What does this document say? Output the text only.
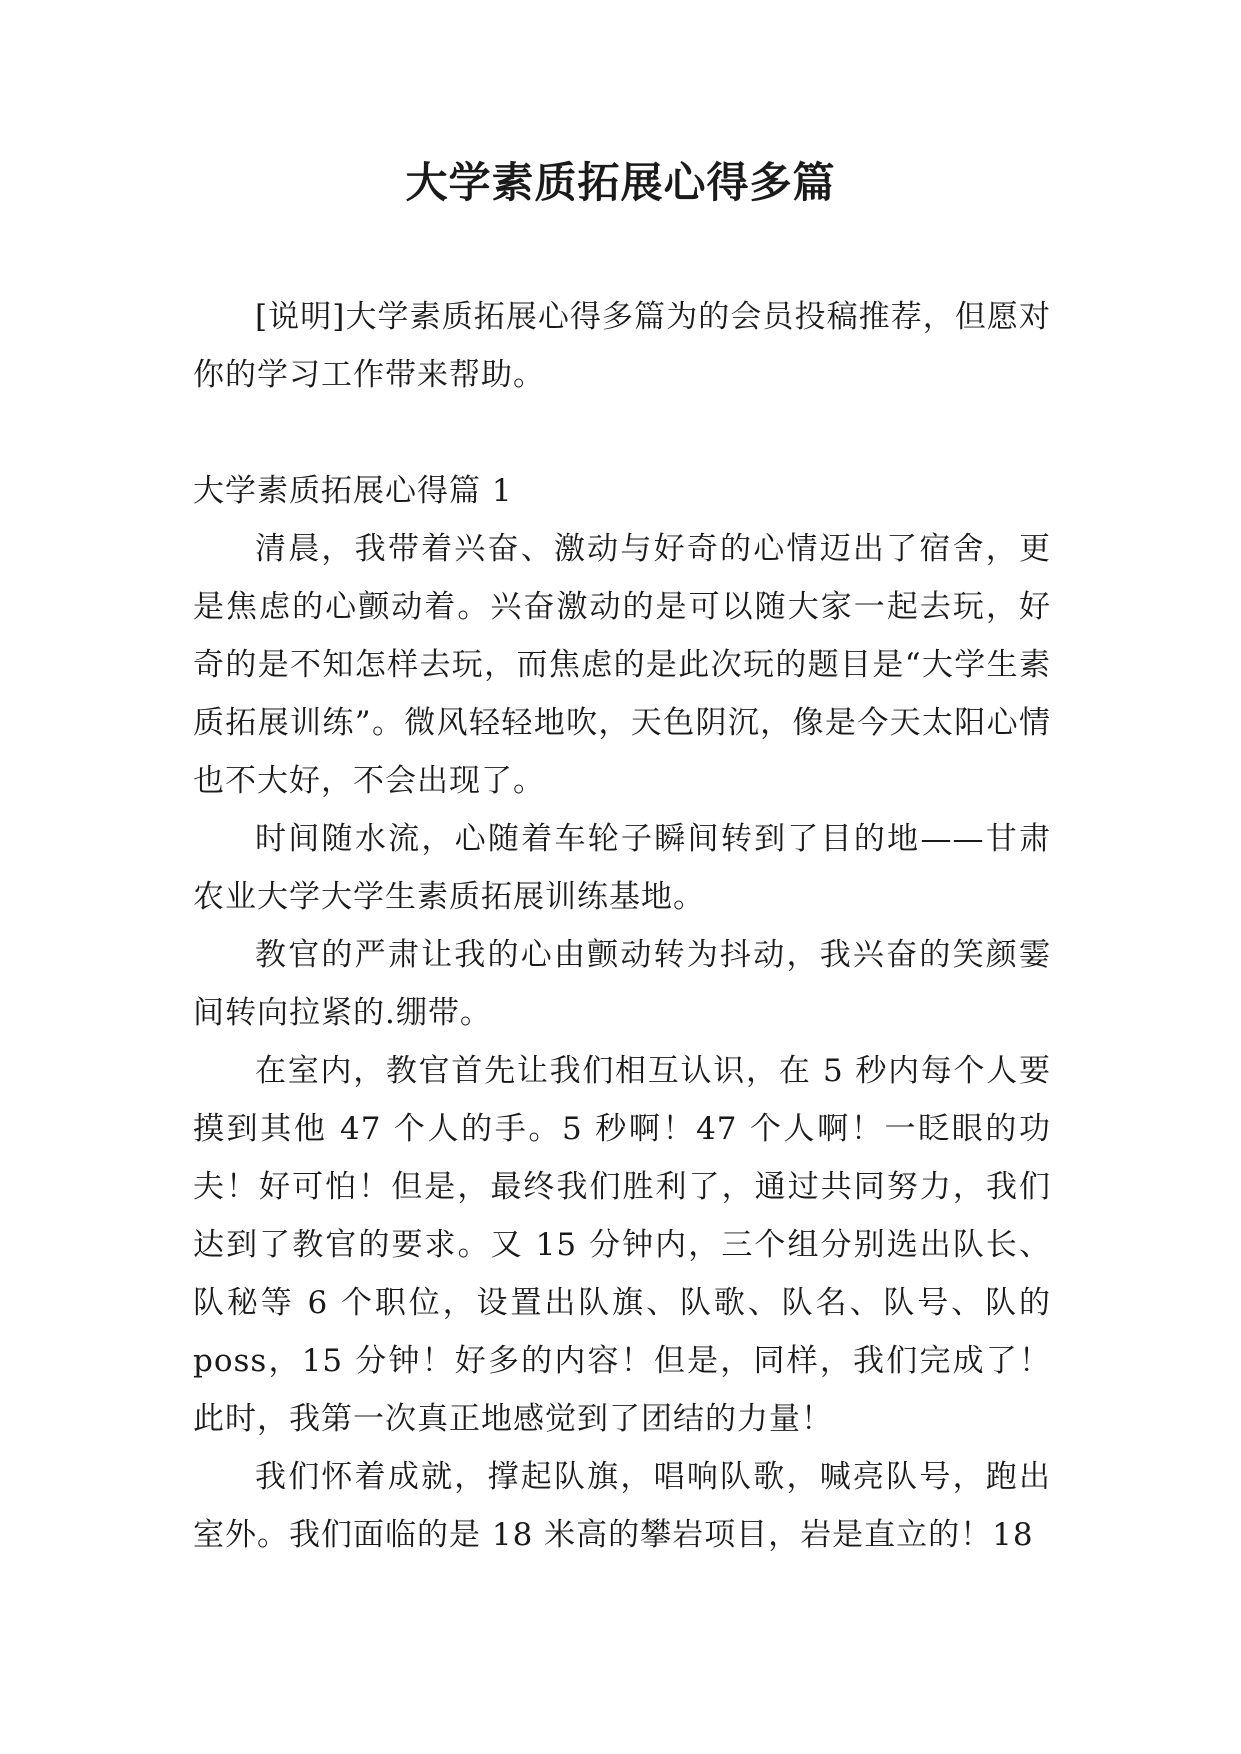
大学素质拓展心得多篇

[说明]大学素质拓展心得多篇为的会员投稿推荐，但愿对你的学习工作带来帮助。

大学素质拓展心得篇 1

清晨，我带着兴奋、激动与好奇的心情迈出了宿舍，更是焦虑的心颤动着。兴奋激动的是可以随大家一起去玩，好奇的是不知怎样去玩，而焦虑的是此次玩的题目是“大学生素质拓展训练”。微风轻轻地吹，天色阴沉，像是今天太阳心情也不大好，不会出现了。

时间随水流，心随着车轮子瞬间转到了目的地——甘肃农业大学大学生素质拓展训练基地。

教官的严肃让我的心由颤动转为抖动，我兴奋的笑颜霎间转向拉紧的.绷带。

在室内，教官首先让我们相互认识，在 5 秒内每个人要摸到其他 47 个人的手。5 秒啊！47 个人啊！一眨眼的功夫！好可怕！但是，最终我们胜利了，通过共同努力，我们达到了教官的要求。又 15 分钟内，三个组分别选出队长、队秘等 6 个职位，设置出队旗、队歌、队名、队号、队的 poss，15 分钟！好多的内容！但是，同样，我们完成了！此时，我第一次真正地感觉到了团结的力量！

我们怀着成就，撑起队旗，唱响队歌，喊亮队号，跑出室外。我们面临的是 18 米高的攀岩项目，岩是直立的！18
